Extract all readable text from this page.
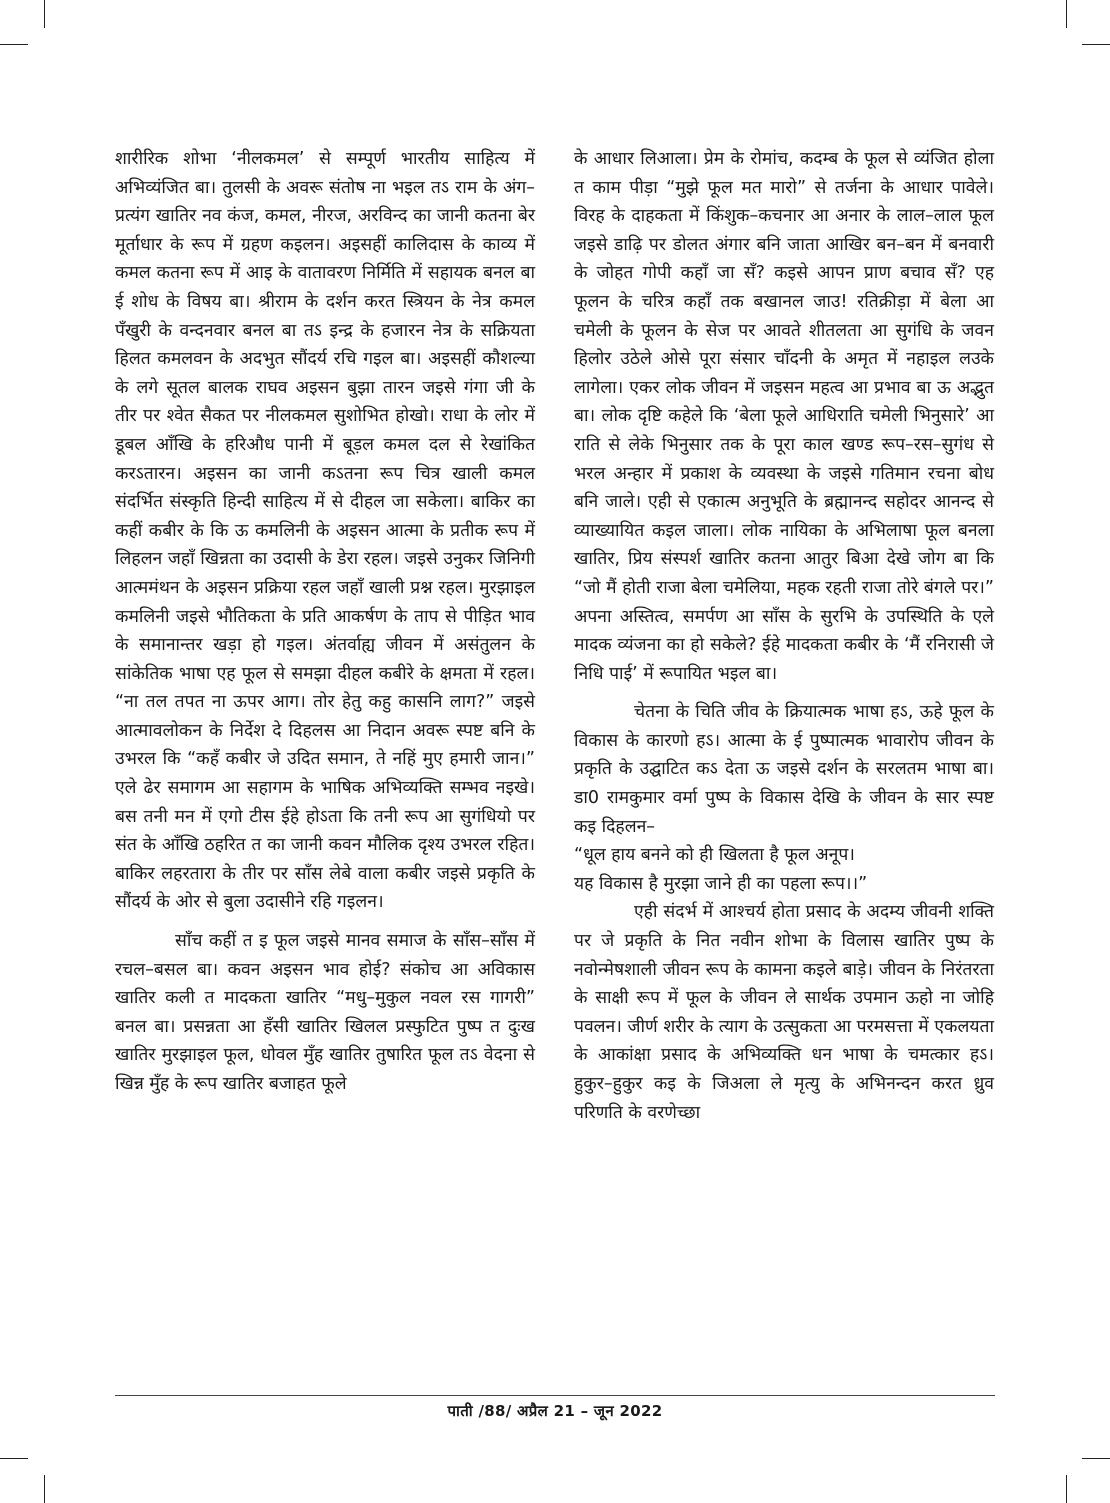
शारीरिक शोभा ‘नीलकमल’ से सम्पूर्ण भारतीय साहित्य में अभिव्यंजित बा। तुलसी के अवरू संतोष ना भइल तऽ राम के अंग–प्रत्यंग खातिर नव कंज, कमल, नीरज, अरविन्द का जानी कतना बेर मूर्ताधार के रूप में ग्रहण कइलन। अइसहीं कालिदास के काव्य में कमल कतना रूप में आइ के वातावरण निर्मिति में सहायक बनल बा ई शोध के विषय बा। श्रीराम के दर्शन करत स्त्रियन के नेत्र कमल पँखुरी के वन्दनवार बनल बा तऽ इन्द्र के हजारन नेत्र के सक्रियता हिलत कमलवन के अदभुत सौंदर्य रचि गइल बा। अइसहीं कौशल्या के लगे सूतल बालक राघव अइसन बुझा तारन जइसे गंगा जी के तीर पर श्वेत सैकत पर नीलकमल सुशोभित होखो। राधा के लोर में डूबल आँखि के हरिऔध पानी में बूड़ल कमल दल से रेखांकित करऽतारन। अइसन का जानी कऽतना रूप चित्र खाली कमल संदर्भित संस्कृति हिन्दी साहित्य में से दीहल जा सकेला। बाकिर का कहीं कबीर के कि ऊ कमलिनी के अइसन आत्मा के प्रतीक रूप में लिहलन जहाँ खिन्नता का उदासी के डेरा रहल। जइसे उनुकर जिनिगी आत्ममंथन के अइसन प्रक्रिया रहल जहाँ खाली प्रश्न रहल। मुरझाइल कमलिनी जइसे भौतिकता के प्रति आकर्षण के ताप से पीड़ित भाव के समानान्तर खड़ा हो गइल। अंतर्वाह्य जीवन में असंतुलन के सांकेतिक भाषा एह फूल से समझा दीहल कबीरे के क्षमता में रहल। “ना तल तपत ना ऊपर आग। तोर हेतु कहु कासनि लाग?” जइसे आत्मावलोकन के निर्देश दे दिहलस आ निदान अवरू स्पष्ट बनि के उभरल कि “कहँ कबीर जे उदित समान, ते नहिं मुए हमारी जान।” एले ढेर समागम आ सहागम के भाषिक अभिव्यक्ति सम्भव नइखे। बस तनी मन में एगो टीस ईहे होऽता कि तनी रूप आ सुगंधियो पर संत के आँखि ठहरित त का जानी कवन मौलिक दृश्य उभरल रहित। बाकिर लहरतारा के तीर पर साँस लेबे वाला कबीर जइसे प्रकृति के सौंदर्य के ओर से बुला उदासीने रहि गइलन।

साँच कहीं त इ फूल जइसे मानव समाज के साँस–साँस में रचल–बसल बा। कवन अइसन भाव होई? संकोच आ अविकास खातिर कली त मादकता खातिर “मधु–मुकुल नवल रस गागरी” बनल बा। प्रसन्नता आ हँसी खातिर खिलल प्रस्फुटित पुष्प त दुःख खातिर मुरझाइल फूल, धोवल मुँह खातिर तुषारित फूल तऽ वेदना से खिन्न मुँह के रूप खातिर बजाहत फूले

के आधार लिआला। प्रेम के रोमांच, कदम्ब के फूल से व्यंजित होला त काम पीड़ा “मुझे फूल मत मारो” से तर्जना के आधार पावेले। विरह के दाहकता में किंशुक–कचनार आ अनार के लाल–लाल फूल जइसे डाढ़ि पर डोलत अंगार बनि जाता आखिर बन–बन में बनवारी के जोहत गोपी कहाँ जा सँ? कइसे आपन प्राण बचाव सँ? एह फूलन के चरित्र कहाँ तक बखानल जाउ! रतिक्रीड़ा में बेला आ चमेली के फूलन के सेज पर आवते शीतलता आ सुगंधि के जवन हिलोर उठेले ओसे पूरा संसार चाँदनी के अमृत में नहाइल लउके लागेला। एकर लोक जीवन में जइसन महत्व आ प्रभाव बा ऊ अद्भुत बा। लोक दृष्टि कहेले कि ‘बेला फूले आधिराति चमेली भिनुसारे’ आ राति से लेके भिनुसार तक के पूरा काल खण्ड रूप–रस–सुगंध से भरल अन्हार में प्रकाश के व्यवस्था के जइसे गतिमान रचना बोध बनि जाले। एही से एकात्म अनुभूति के ब्रह्मानन्द सहोदर आनन्द से व्याख्यायित कइल जाला। लोक नायिका के अभिलाषा फूल बनला खातिर, प्रिय संस्पर्श खातिर कतना आतुर बिआ देखे जोग बा कि “जो मैं होती राजा बेला चमेलिया, महक रहती राजा तोरे बंगले पर।” अपना अस्तित्व, समर्पण आ साँस के सुरभि के उपस्थिति के एले मादक व्यंजना का हो सकेले? ईहे मादकता कबीर के ‘मैं रनिरासी जे निधि पाई’ में रूपायित भइल बा।

चेतना के चिति जीव के क्रियात्मक भाषा हऽ, ऊहे फूल के विकास के कारणो हऽ। आत्मा के ई पुष्पात्मक भावारोप जीवन के प्रकृति के उद्घाटित कऽ देता ऊ जइसे दर्शन के सरलतम भाषा बा। डा0 रामकुमार वर्मा पुष्प के विकास देखि के जीवन के सार स्पष्ट कइ दिहलन–

“धूल हाय बनने को ही खिलता है फूल अनूप।

यह विकास है मुरझा जाने ही का पहला रूप।।”

एही संदर्भ में आश्चर्य होता प्रसाद के अदम्य जीवनी शक्ति पर जे प्रकृति के नित नवीन शोभा के विलास खातिर पुष्प के नवोन्मेषशाली जीवन रूप के कामना कइले बाड़े। जीवन के निरंतरता के साक्षी रूप में फूल के जीवन ले सार्थक उपमान ऊहो ना जोहि पवलन। जीर्ण शरीर के त्याग के उत्सुकता आ परमसत्ता में एकलयता के आकांक्षा प्रसाद के अभिव्यक्ति धन भाषा के चमत्कार हऽ। हुकुर–हुकुर कइ के जिअला ले मृत्यु के अभिनन्दन करत ध्रुव परिणति के वरणेच्छा

पाती /88/ अप्रैल 21 – जून 2022
